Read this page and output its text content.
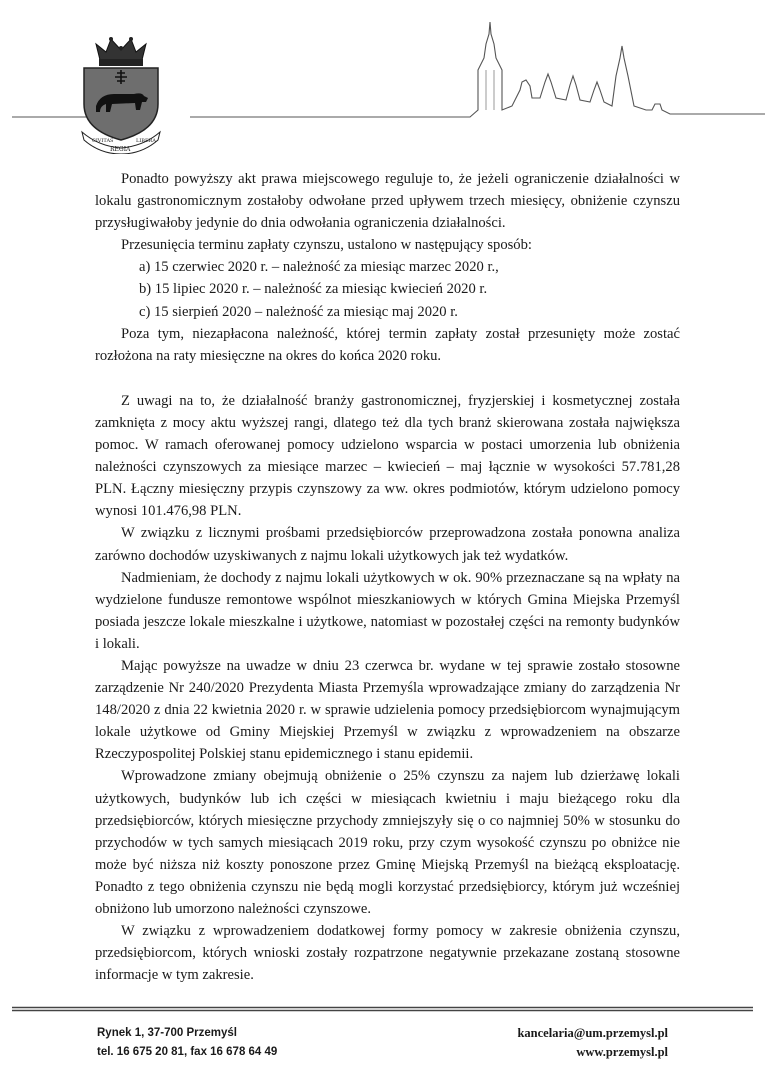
CIVITAS
REGIA
LIBERA

Ponadto powyższy akt prawa miejscowego reguluje to, że jeżeli ograniczenie działalności w lokalu gastronomicznym zostałoby odwołane przed upływem trzech miesięcy, obniżenie czynszu przysługiwałoby jedynie do dnia odwołania ograniczenia działalności.

Przesunięcia terminu zapłaty czynszu, ustalono w następujący sposób:

a) 15 czerwiec 2020 r. – należność za miesiąc marzec 2020 r.,

b) 15 lipiec 2020 r. – należność za miesiąc kwiecień 2020 r.

c) 15 sierpień 2020 – należność za miesiąc maj 2020 r.

Poza tym, niezapłacona należność, której termin zapłaty został przesunięty może zostać rozłożona na raty miesięczne na okres do końca 2020 roku.

Z uwagi na to, że działalność branży gastronomicznej, fryzjerskiej i kosmetycznej została zamknięta z mocy aktu wyższej rangi, dlatego też dla tych branż skierowana została największa pomoc. W ramach oferowanej pomocy udzielono wsparcia w postaci umorzenia lub obniżenia należności czynszowych za miesiące marzec – kwiecień – maj łącznie w wysokości 57.781,28 PLN. Łączny miesięczny przypis czynszowy za ww. okres podmiotów, którym udzielono pomocy wynosi 101.476,98 PLN.

W związku z licznymi prośbami przedsiębiorców przeprowadzona została ponowna analiza zarówno dochodów uzyskiwanych z najmu lokali użytkowych jak też wydatków.

Nadmieniam, że dochody z najmu lokali użytkowych w ok. 90% przeznaczane są na wpłaty na wydzielone fundusze remontowe wspólnot mieszkaniowych w których Gmina Miejska Przemyśl posiada jeszcze lokale mieszkalne i użytkowe, natomiast w pozostałej części na remonty budynków i lokali.

Mając powyższe na uwadze w dniu 23 czerwca br. wydane w tej sprawie zostało stosowne zarządzenie Nr 240/2020 Prezydenta Miasta Przemyśla wprowadzające zmiany do zarządzenia Nr 148/2020 z dnia 22 kwietnia 2020 r. w sprawie udzielenia pomocy przedsiębiorcom wynajmującym lokale użytkowe od Gminy Miejskiej Przemyśl w związku z wprowadzeniem na obszarze Rzeczypospolitej Polskiej stanu epidemicznego i stanu epidemii.

Wprowadzone zmiany obejmują obniżenie o 25% czynszu za najem lub dzierżawę lokali użytkowych, budynków lub ich części w miesiącach kwietniu i maju bieżącego roku dla przedsiębiorców, których miesięczne przychody zmniejszyły się o co najmniej 50% w stosunku do przychodów w tych samych miesiącach 2019 roku, przy czym wysokość czynszu po obniżce nie może być niższa niż koszty ponoszone przez Gminę Miejską Przemyśl na bieżącą eksploatację. Ponadto z tego obniżenia czynszu nie będą mogli korzystać przedsiębiorcy, którym już wcześniej obniżono lub umorzono należności czynszowe.

W związku z wprowadzeniem dodatkowej formy pomocy w zakresie obniżenia czynszu, przedsiębiorcom, których wnioski zostały rozpatrzone negatywnie przekazane zostaną stosowne informacje w tym zakresie.

Rynek 1, 37-700 Przemyśl
tel. 16 675 20 81, fax 16 678 64 49
kancelaria@um.przemysl.pl
www.przemysl.pl
